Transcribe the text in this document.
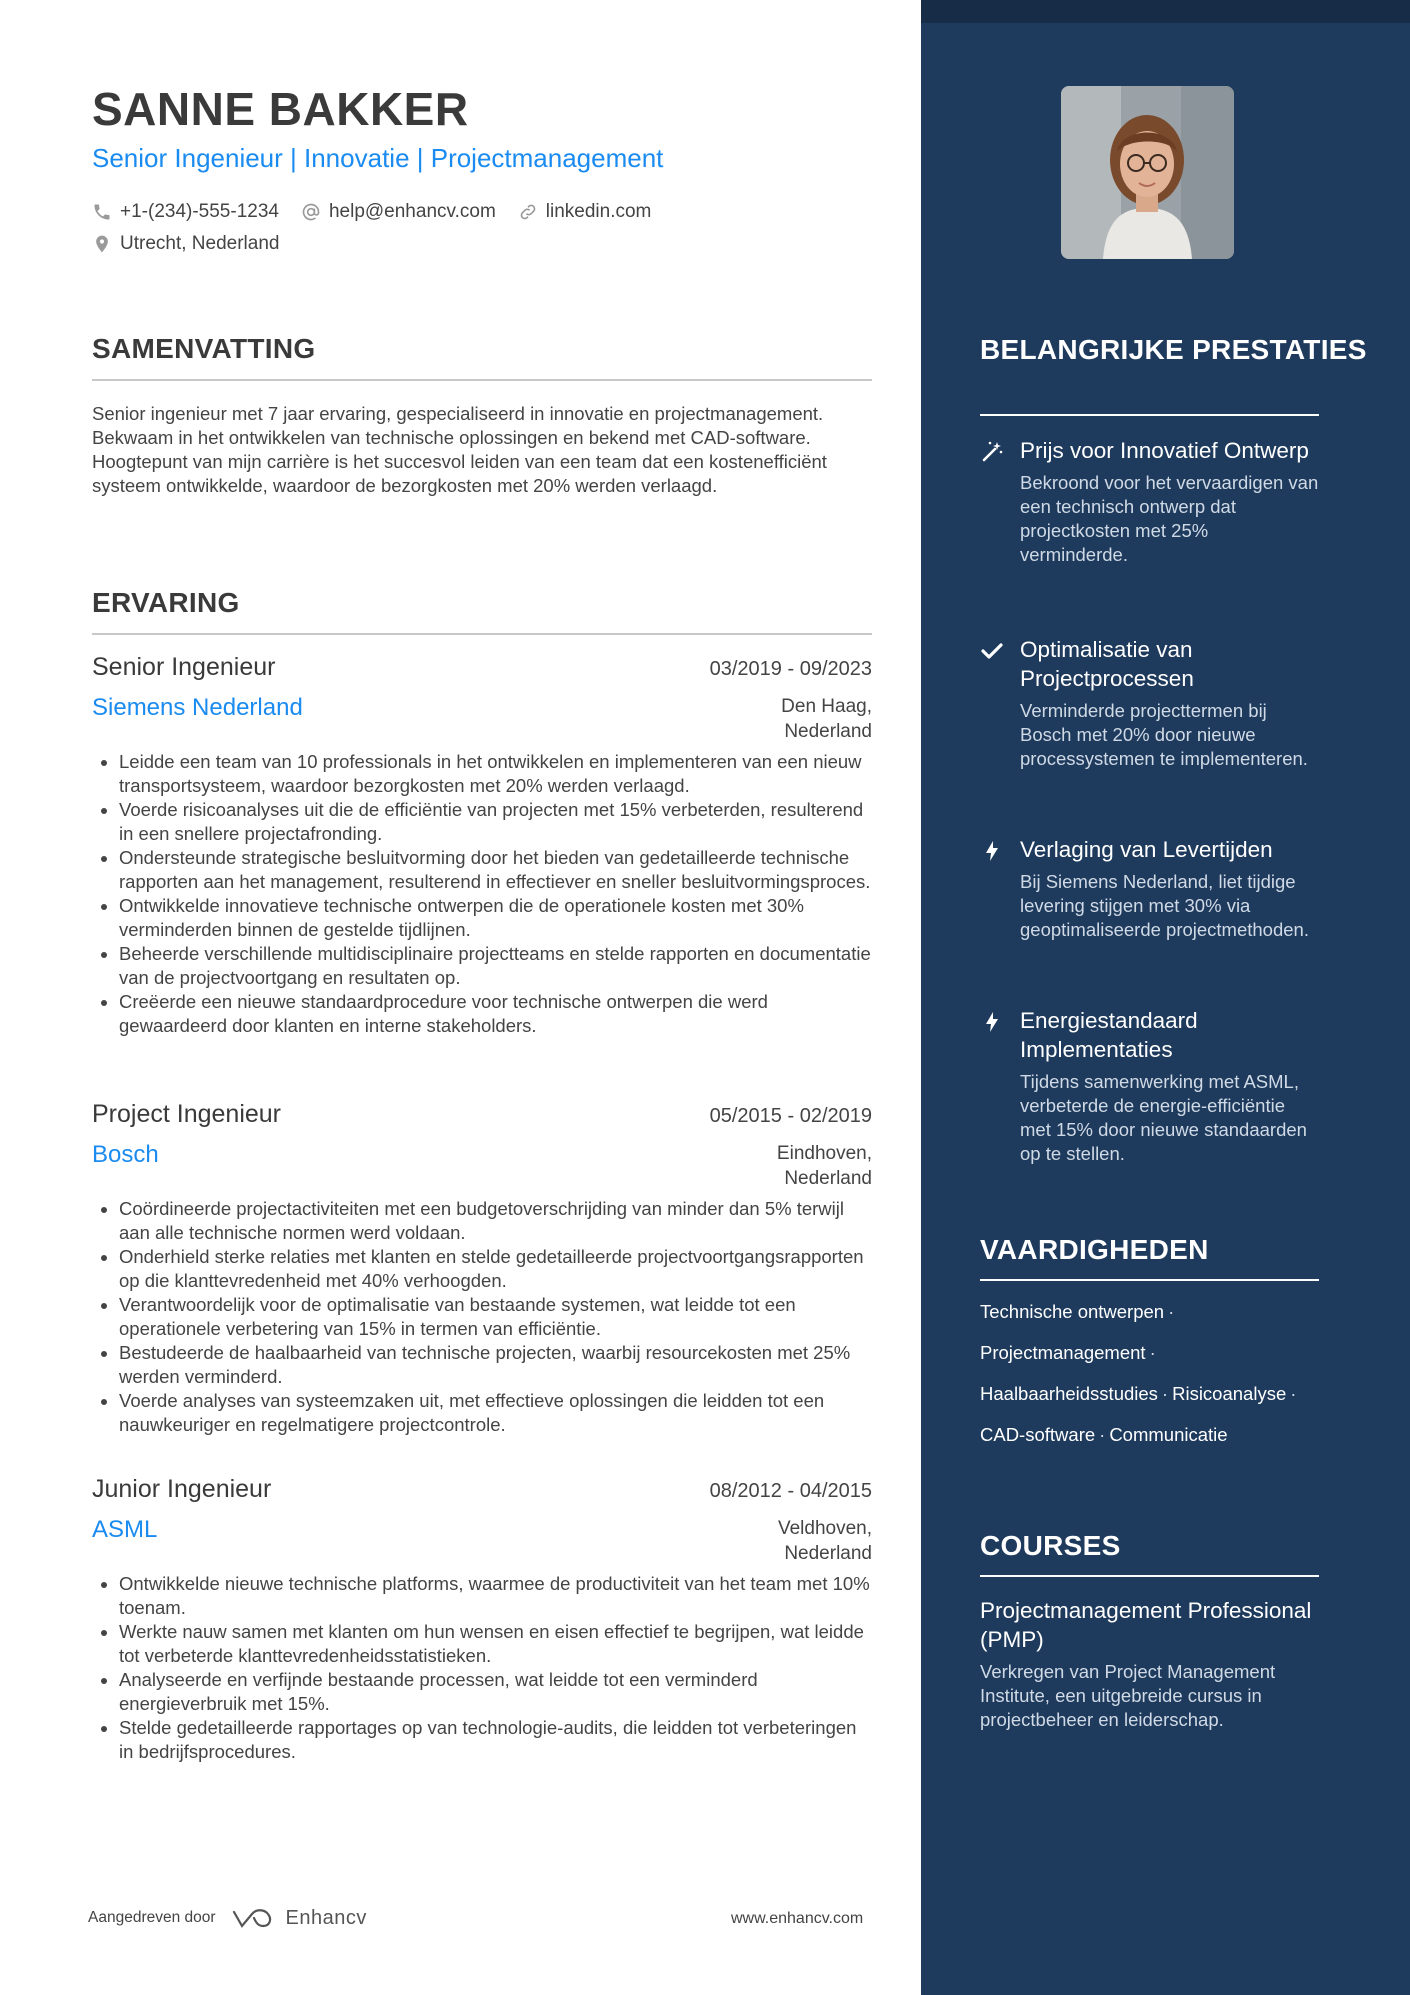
SANNE BAKKER
Senior Ingenieur | Innovatie | Projectmanagement
+1-(234)-555-1234	help@enhancv.com	linkedin.com
Utrecht, Nederland
SAMENVATTING

Senior ingenieur met 7 jaar ervaring, gespecialiseerd in innovatie en projectmanagement. Bekwaam in het ontwikkelen van technische oplossingen en bekend met CAD-software. Hoogtepunt van mijn carrière is het succesvol leiden van een team dat een kostenefficiënt systeem ontwikkelde, waardoor de bezorgkosten met 20% werden verlaagd.

ERVARING
Senior Ingenieur	03/2019 - 09/2023
Siemens Nederland	Den Haag,
Nederland
• Leidde een team van 10 professionals in het ontwikkelen en implementeren van een nieuw transportsysteem, waardoor bezorgkosten met 20% werden verlaagd.
• Voerde risicoanalyses uit die de efficiëntie van projecten met 15% verbeterden, resulterend in een snellere projectafronding.
• Ondersteunde strategische besluitvorming door het bieden van gedetailleerde technische rapporten aan het management, resulterend in effectiever en sneller besluitvormingsproces.
• Ontwikkelde innovatieve technische ontwerpen die de operationele kosten met 30% verminderden binnen de gestelde tijdlijnen.
• Beheerde verschillende multidisciplinaire projectteams en stelde rapporten en documentatie van de projectvoortgang en resultaten op.
• Creëerde een nieuwe standaardprocedure voor technische ontwerpen die werd gewaardeerd door klanten en interne stakeholders.
Project Ingenieur	05/2015 - 02/2019
Bosch	Eindhoven,
Nederland
• Coördineerde projectactiviteiten met een budgetoverschrijding van minder dan 5% terwijl aan alle technische normen werd voldaan.
• Onderhield sterke relaties met klanten en stelde gedetailleerde projectvoortgangsrapporten op die klanttevredenheid met 40% verhoogden.
• Verantwoordelijk voor de optimalisatie van bestaande systemen, wat leidde tot een operationele verbetering van 15% in termen van efficiëntie.
• Bestudeerde de haalbaarheid van technische projecten, waarbij resourcekosten met 25% werden verminderd.
• Voerde analyses van systeemzaken uit, met effectieve oplossingen die leidden tot een nauwkeuriger en regelmatigere projectcontrole.
Junior Ingenieur	08/2012 - 04/2015
ASML	Veldhoven,
Nederland
• Ontwikkelde nieuwe technische platforms, waarmee de productiviteit van het team met 10% toenam.
• Werkte nauw samen met klanten om hun wensen en eisen effectief te begrijpen, wat leidde tot verbeterde klanttevredenheidsstatistieken.
• Analyseerde en verfijnde bestaande processen, wat leidde tot een verminderd energieverbruik met 15%.
• Stelde gedetailleerde rapportages op van technologie-audits, die leidden tot verbeteringen in bedrijfsprocedures.
Aangedreven door	Enhancv	www.enhancv.com
BELANGRIJKE PRESTATIES
Prijs voor Innovatief Ontwerp
Bekroond voor het vervaardigen van een technisch ontwerp dat projectkosten met 25% verminderde.
Optimalisatie van Projectprocessen
Verminderde projecttermen bij Bosch met 20% door nieuwe processystemen te implementeren.
Verlaging van Levertijden
Bij Siemens Nederland, liet tijdige levering stijgen met 30% via geoptimaliseerde projectmethoden.
Energiestandaard Implementaties
Tijdens samenwerking met ASML, verbeterde de energie-efficiëntie met 15% door nieuwe standaarden op te stellen.
VAARDIGHEDEN
Technische ontwerpen ·
Projectmanagement ·
Haalbaarheidsstudies · Risicoanalyse ·
CAD-software · Communicatie
COURSES
Projectmanagement Professional (PMP)
Verkregen van Project Management Institute, een uitgebreide cursus in projectbeheer en leiderschap.
